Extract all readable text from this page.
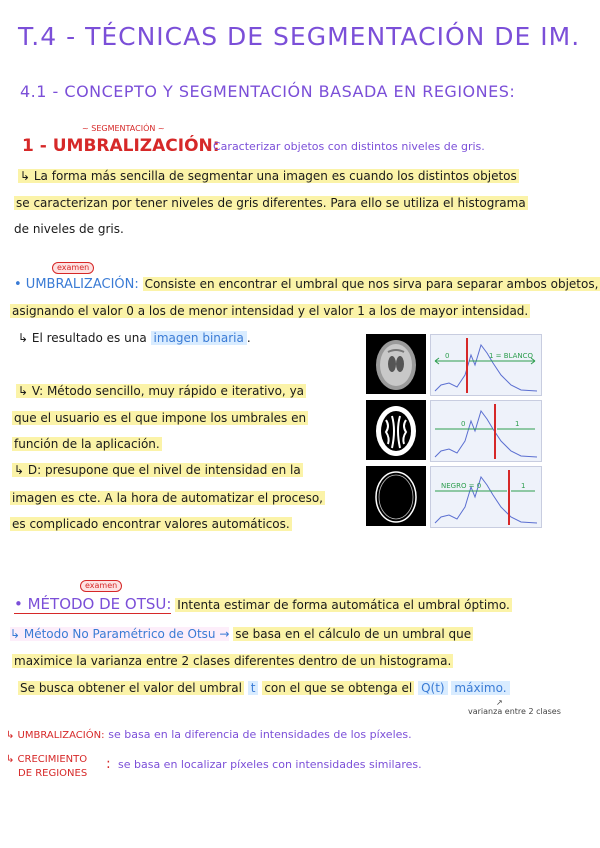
T.4 - TÉCNICAS DE SEGMENTACIÓN DE IM.
4.1 - CONCEPTO Y SEGMENTACIÓN BASADA EN REGIONES:
~ SEGMENTACIÓN ~
1 - UMBRALIZACIÓN:
Caracterizar objetos con distintos niveles de gris.
↳ La forma más sencilla de segmentar una imagen es cuando los distintos objetos
se caracterizan por tener niveles de gris diferentes. Para ello se utiliza el histograma
de niveles de gris.
examen
• UMBRALIZACIÓN: Consiste en encontrar el umbral que nos sirva para separar ambos objetos,
asignando el valor 0 a los de menor intensidad y el valor 1 a los de mayor intensidad.
↳ El resultado es una imagen binaria .
↳ V: Método sencillo, muy rápido e iterativo, ya
que el usuario es el que impone los umbrales en
función de la aplicación.
↳ D: presupone que el nivel de intensidad en la
imagen es cte. A la hora de automatizar el proceso,
es complicado encontrar valores automáticos.
0	1 = BLANCO
0	1
NEGRO = 0	1
examen
• MÉTODO DE OTSU: Intenta estimar de forma automática el umbral óptimo.
↳ Método No Paramétrico de Otsu → se basa en el cálculo de un umbral que
maximice la varianza entre 2 clases diferentes dentro de un histograma.
Se busca obtener el valor del umbral t con el que se obtenga el Q(t) máximo.
↗
varianza entre 2 clases
↳ UMBRALIZACIÓN: se basa en la diferencia de intensidades de los píxeles.
↳ CRECIMIENTO
DE REGIONES
: se basa en localizar píxeles con intensidades similares.
